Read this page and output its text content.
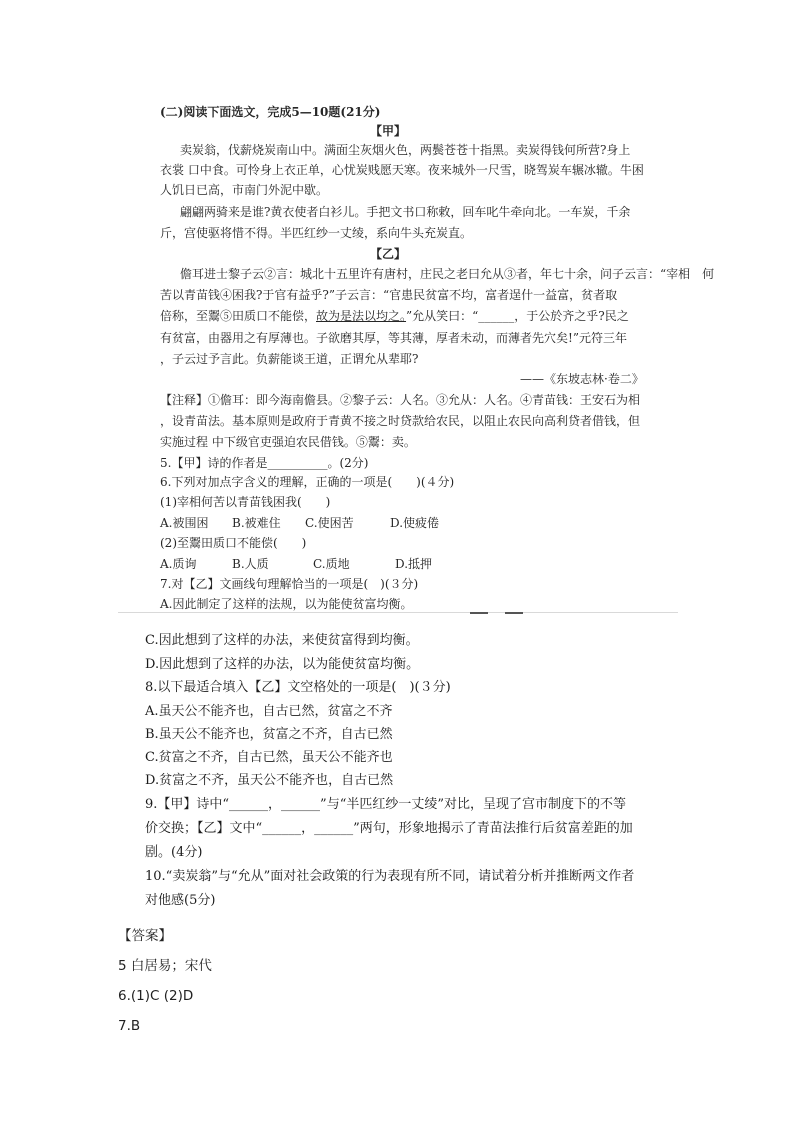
(二)阅读下面选文，完成5—10题(21分)
【甲】
卖炭翁，伐薪烧炭南山中。满面尘灰烟火色，两鬓苍苍十指黑。卖炭得钱何所营?身上
衣裳 口中食。可怜身上衣正单，心忧炭贱愿天寒。夜来城外一尺雪，晓驾炭车辗冰辙。牛困
人饥日已高，市南门外泥中歇。
翩翩两骑来是谁?黄衣使者白衫儿。手把文书口称敕，回车叱牛牵向北。一车炭，千余
斤，宫使驱将惜不得。半匹红纱一丈绫，系向牛头充炭直。
【乙】
儋耳进士黎子云②言：城北十五里许有唐村，庄民之老曰允从③者，年七十余，问子云言：“宰相　何
苦以青苗钱④困我?于官有益乎?”子云言：“官患民贫富不均，富者逞什一益富，贫者取
倍称，至鬻⑤田质口不能偿，故为是法以均之。”允从笑曰：“______，于公於齐之乎?民之
有贫富，由器用之有厚薄也。子欲磨其厚，等其薄，厚者未动，而薄者先穴矣!”元符三年
，子云过予言此。负薪能谈王道，正谓允从辈耶?
——《东坡志林·卷二》
【注释】①儋耳：即今海南儋县。②黎子云：人名。③允从：人名。④青苗钱：王安石为相
，设青苗法。基本原则是政府于青黄不接之时贷款给农民，以阻止农民向高利贷者借钱，但
实施过程 中下级官吏强迫农民借钱。⑤鬻：卖。
5.【甲】诗的作者是__________。(2分)
6.下列对加点字含义的理解，正确的一项是(　　)(４分)
(1)宰相何苦以青苗钱困我(　　)
A.被围困 B.被难住 C.使困苦	D.使疲倦
(2)至鬻田质口不能偿(　　)
A.质询	B.人质	C.质地	D.抵押
7.对【乙】文画线句理解恰当的一项是(　)(３分)
A.因此制定了这样的法规，以为能使贫富均衡。
C.因此想到了这样的办法，来使贫富得到均衡。
D.因此想到了这样的办法，以为能使贫富均衡。
8.以下最适合填入【乙】文空格处的一项是(　)(３分)
A.虽天公不能齐也，自古已然，贫富之不齐
B.虽天公不能齐也，贫富之不齐，自古已然
C.贫富之不齐，自古已然，虽天公不能齐也
D.贫富之不齐，虽天公不能齐也，自古已然
9.【甲】诗中“______，______”与“半匹红纱一丈绫”对比，呈现了宫市制度下的不等
价交换；【乙】文中“______，______”两句，形象地揭示了青苗法推行后贫富差距的加
剧。(4分)
10.“卖炭翁”与“允从”面对社会政策的行为表现有所不同，请试着分析并推断两文作者
对他感(5分)
【答案】
5 白居易；宋代
6.(1)C (2)D
7.B
